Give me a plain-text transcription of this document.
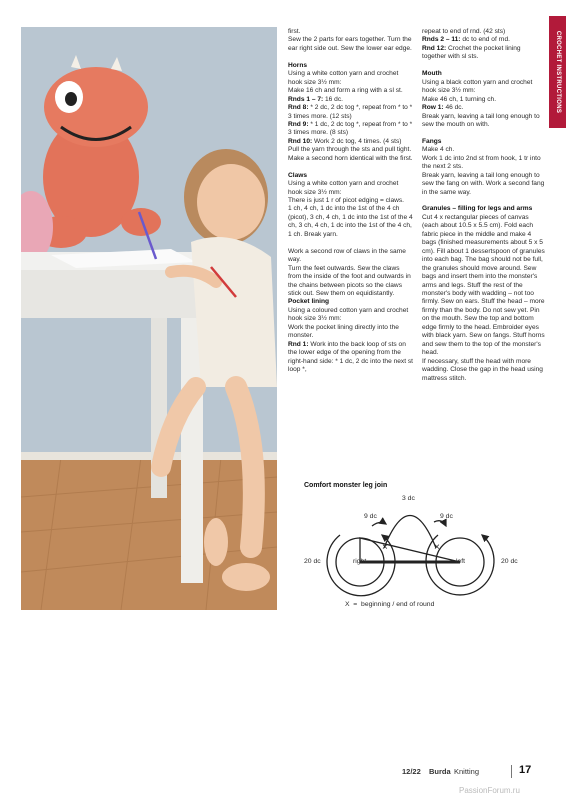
first.

Sew the 2 parts for ears together. Turn the ear right side out. Sew the lower ear edge.

Horns

Using a white cotton yarn and crochet hook size 3½ mm:

Make 16 ch and form a ring with a sl st.

Rnds 1 – 7: 16 dc.

Rnd 8: * 2 dc, 2 dc tog *, repeat from * to * 3 times more. (12 sts)

Rnd 9: * 1 dc, 2 dc tog *, repeat from * to * 3 times more. (8 sts)

Rnd 10: Work 2 dc tog, 4 times. (4 sts)

Pull the yarn through the sts and pull tight.

Make a second horn identical with the first.

Claws

Using a white cotton yarn and crochet hook size 3½ mm:

There is just 1 r of picot edging = claws.

1 ch, 4 ch, 1 dc into the 1st of the 4 ch (picot), 3 ch, 4 ch, 1 dc into the 1st of the 4 ch, 3 ch, 4 ch, 1 dc into the 1st of the 4 ch, 1 ch. Break yarn.

Work a second row of claws in the same way.

Turn the feet outwards. Sew the claws from the inside of the foot and outwards in the chains between picots so the claws stick out. Sew them on equidistantly.

Pocket lining

Using a coloured cotton yarn and crochet hook size 3½ mm:

Work the pocket lining directly into the monster.

Rnd 1: Work into the back loop of sts on the lower edge of the opening from the right-hand side: * 1 dc, 2 dc into the next st loop *,

repeat to end of rnd. (42 sts)

Rnds 2 – 11: dc to end of rnd.

Rnd 12: Crochet the pocket lining together with sl sts.

Mouth

Using a black cotton yarn and crochet hook size 3½ mm:

Make 46 ch, 1 turning ch.

Row 1: 46 dc.

Break yarn, leaving a tail long enough to sew the mouth on with.

Fangs

Make 4 ch.

Work 1 dc into 2nd st from hook, 1 tr into the next 2 sts.

Break yarn, leaving a tail long enough to sew the fang on with. Work a second fang in the same way.

Granules – filling for legs and arms

Cut 4 x rectangular pieces of canvas (each about 10.5 x 5.5 cm). Fold each fabric piece in the middle and make 4 bags (finished measurements about 5 x 5 cm). Fill about 1 dessertspoon of granules into each bag. The bag should not be full, the granules should move around. Sew bags and insert them into the monster's arms and legs. Stuff the rest of the monster's body with wadding – not too firmly. Sew on ears. Stuff the head – more firmly than the body. Do not sew yet. Pin on the mouth. Sew the top and bottom edge firmly to the head. Embroider eyes with black yarn. Sew on fangs. Stuff horns and sew them to the top of the monster's head.

If necessary, stuff the head with more wadding. Close the gap in the head using mattress stitch.

CROCHET INSTRUCTIONS
Comfort monster leg join
×	×
3 dc
9 dc	9 dc
20 dc	20 dc
right	left
X  =  beginning / end of round
12/22 Burda Knitting	17
PassionForum.ru
